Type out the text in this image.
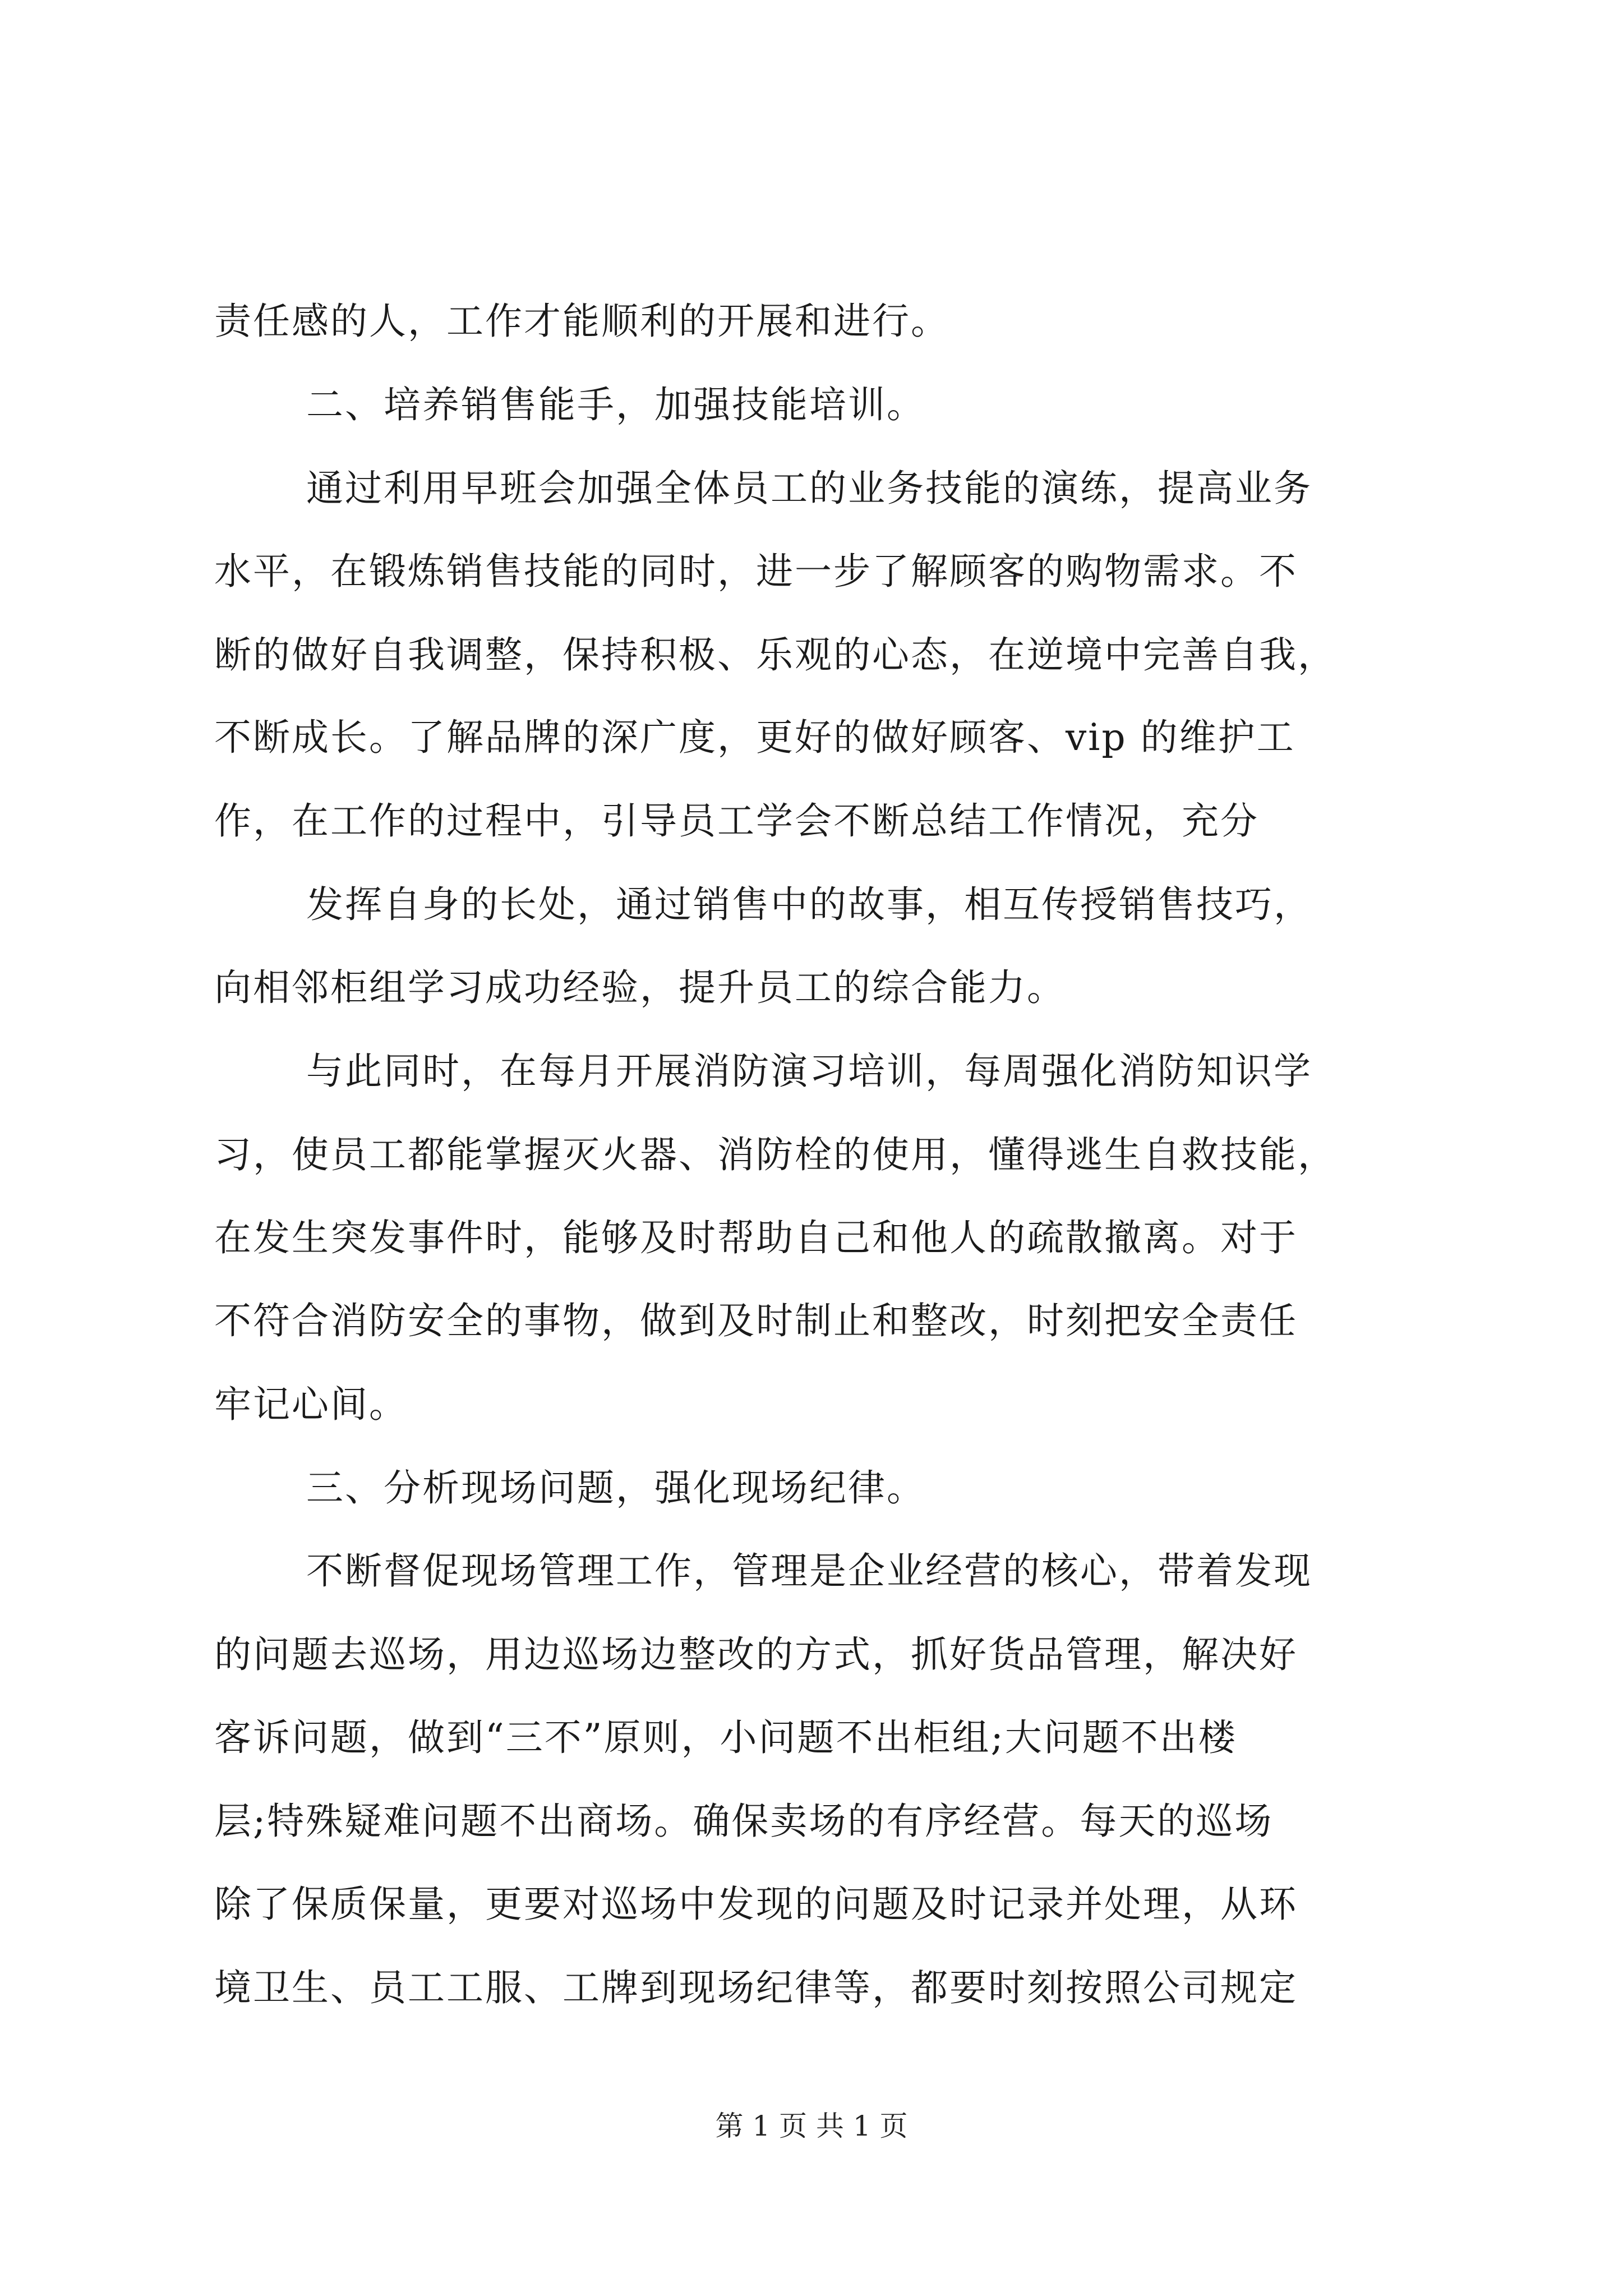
责任感的人，工作才能顺利的开展和进行。
二、培养销售能手，加强技能培训。
通过利用早班会加强全体员工的业务技能的演练，提高业务
水平，在锻炼销售技能的同时，进一步了解顾客的购物需求。不
断的做好自我调整，保持积极、乐观的心态，在逆境中完善自我，
不断成长。了解品牌的深广度，更好的做好顾客、vip 的维护工
作，在工作的过程中，引导员工学会不断总结工作情况，充分
发挥自身的长处，通过销售中的故事，相互传授销售技巧，
向相邻柜组学习成功经验，提升员工的综合能力。
与此同时，在每月开展消防演习培训，每周强化消防知识学
习，使员工都能掌握灭火器、消防栓的使用，懂得逃生自救技能，
在发生突发事件时，能够及时帮助自己和他人的疏散撤离。对于
不符合消防安全的事物，做到及时制止和整改，时刻把安全责任
牢记心间。
三、分析现场问题，强化现场纪律。
不断督促现场管理工作，管理是企业经营的核心，带着发现
的问题去巡场，用边巡场边整改的方式，抓好货品管理，解决好
客诉问题，做到“三不”原则，小问题不出柜组;大问题不出楼
层;特殊疑难问题不出商场。确保卖场的有序经营。每天的巡场
除了保质保量，更要对巡场中发现的问题及时记录并处理，从环
境卫生、员工工服、工牌到现场纪律等，都要时刻按照公司规定
第 1 页 共 1 页
